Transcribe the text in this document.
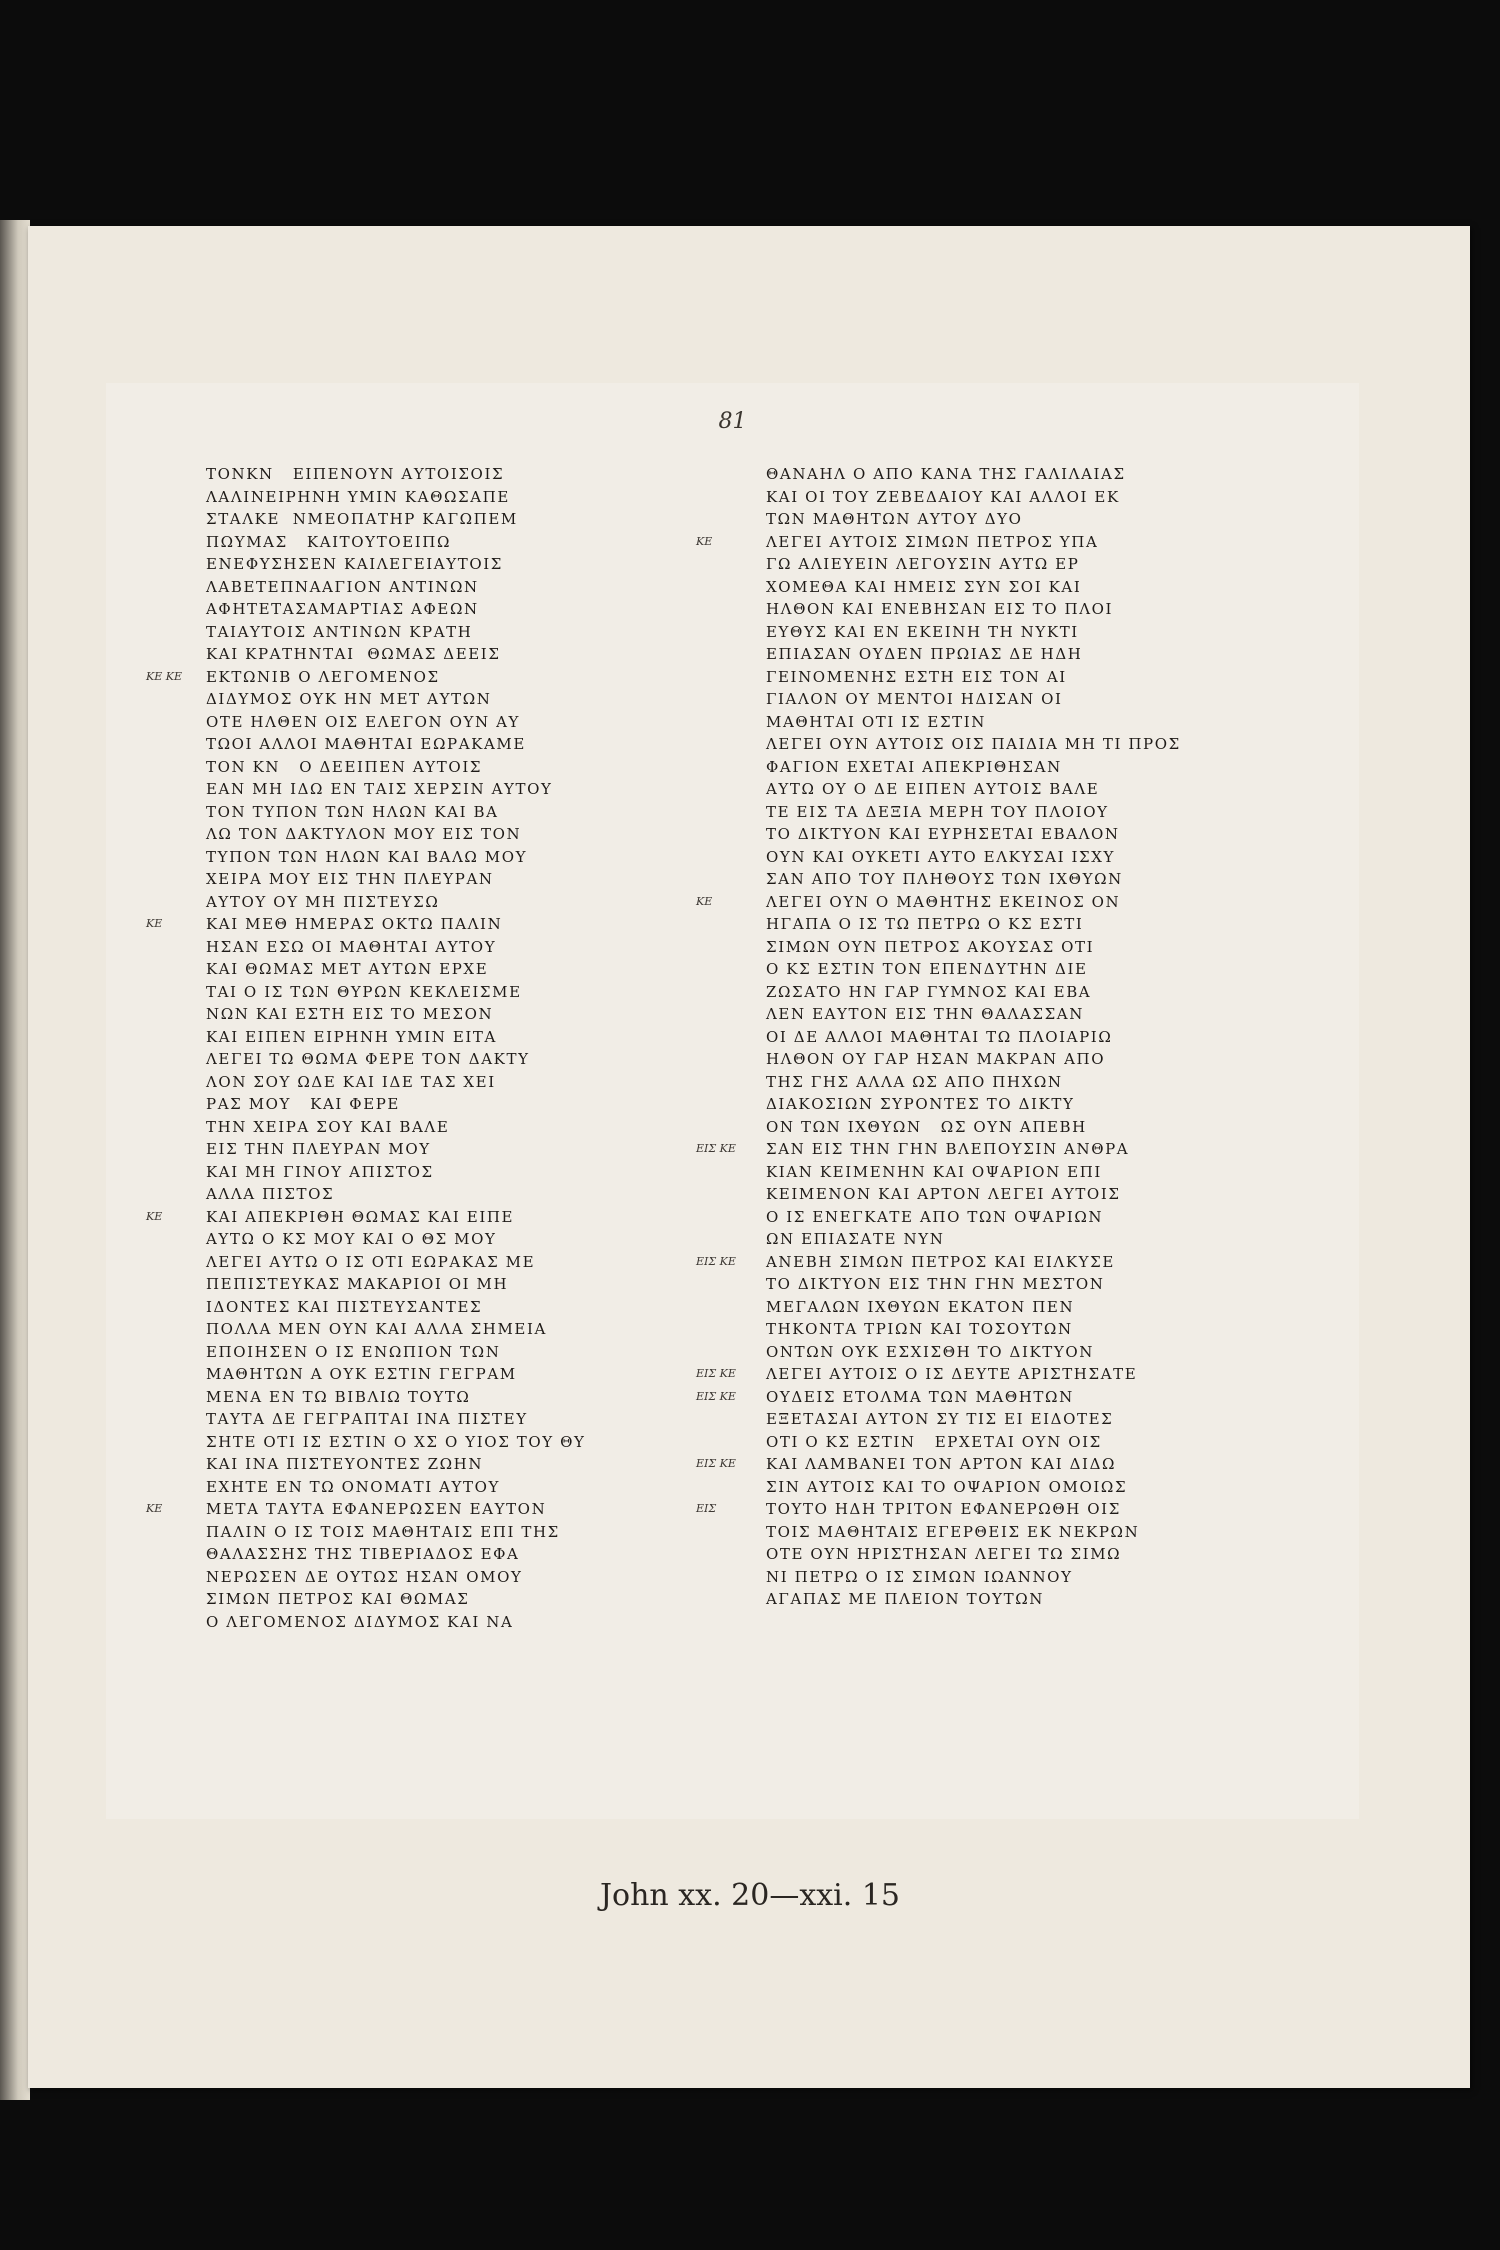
81

ΚΕ ΚΕ

ΚΕ

ΚΕ

ΚΕ
ΤΟΝΚΝ   ΕΙΠΕΝΟΥΝ ΑΥΤΟΙΣΟΙΣ
ΛΑΛΙΝΕΙΡΗΝΗ ΥΜΙΝ ΚΑΘΩΣΑΠΕ
ΣΤΑΛΚΕ  ΝΜΕΟΠΑΤΗΡ ΚΑΓΩΠΕΜ
ΠΩΥΜΑΣ   ΚΑΙΤΟΥΤΟΕΙΠΩ
ΕΝΕΦΥΣΗΣΕΝ ΚΑΙΛΕΓΕΙΑΥΤΟΙΣ
ΛΑΒΕΤΕΠΝΑΑΓΙΟΝ ΑΝΤΙΝΩΝ
ΑΦΗΤΕΤΑΣΑΜΑΡΤΙΑΣ ΑΦΕΩΝ
ΤΑΙΑΥΤΟΙΣ ΑΝΤΙΝΩΝ ΚΡΑΤΗ
ΚΑΙ ΚΡΑΤΗΝΤΑΙ  ΘΩΜΑΣ ΔΕΕΙΣ
ΕΚΤΩΝΙΒ Ο ΛΕΓΟΜΕΝΟΣ
ΔΙΔΥΜΟΣ ΟΥΚ ΗΝ ΜΕΤ ΑΥΤΩΝ
ΟΤΕ ΗΛΘΕΝ ΟΙΣ ΕΛΕΓΟΝ ΟΥΝ ΑΥ
ΤΩΟΙ ΑΛΛΟΙ ΜΑΘΗΤΑΙ ΕΩΡΑΚΑΜΕ
ΤΟΝ ΚΝ   Ο ΔΕΕΙΠΕΝ ΑΥΤΟΙΣ
ΕΑΝ ΜΗ ΙΔΩ ΕΝ ΤΑΙΣ ΧΕΡΣΙΝ ΑΥΤΟΥ
ΤΟΝ ΤΥΠΟΝ ΤΩΝ ΗΛΩΝ ΚΑΙ ΒΑ
ΛΩ ΤΟΝ ΔΑΚΤΥΛΟΝ ΜΟΥ ΕΙΣ ΤΟΝ
ΤΥΠΟΝ ΤΩΝ ΗΛΩΝ ΚΑΙ ΒΑΛΩ ΜΟΥ
ΧΕΙΡΑ ΜΟΥ ΕΙΣ ΤΗΝ ΠΛΕΥΡΑΝ
ΑΥΤΟΥ ΟΥ ΜΗ ΠΙΣΤΕΥΣΩ
ΚΑΙ ΜΕΘ ΗΜΕΡΑΣ ΟΚΤΩ ΠΑΛΙΝ
ΗΣΑΝ ΕΣΩ ΟΙ ΜΑΘΗΤΑΙ ΑΥΤΟΥ
ΚΑΙ ΘΩΜΑΣ ΜΕΤ ΑΥΤΩΝ ΕΡΧΕ
ΤΑΙ Ο ΙΣ ΤΩΝ ΘΥΡΩΝ ΚΕΚΛΕΙΣΜΕ
ΝΩΝ ΚΑΙ ΕΣΤΗ ΕΙΣ ΤΟ ΜΕΣΟΝ
ΚΑΙ ΕΙΠΕΝ ΕΙΡΗΝΗ ΥΜΙΝ ΕΙΤΑ
ΛΕΓΕΙ ΤΩ ΘΩΜΑ ΦΕΡΕ ΤΟΝ ΔΑΚΤΥ
ΛΟΝ ΣΟΥ ΩΔΕ ΚΑΙ ΙΔΕ ΤΑΣ ΧΕΙ
ΡΑΣ ΜΟΥ   ΚΑΙ ΦΕΡΕ
ΤΗΝ ΧΕΙΡΑ ΣΟΥ ΚΑΙ ΒΑΛΕ
ΕΙΣ ΤΗΝ ΠΛΕΥΡΑΝ ΜΟΥ
ΚΑΙ ΜΗ ΓΙΝΟΥ ΑΠΙΣΤΟΣ
ΑΛΛΑ ΠΙΣΤΟΣ
ΚΑΙ ΑΠΕΚΡΙΘΗ ΘΩΜΑΣ ΚΑΙ ΕΙΠΕ
ΑΥΤΩ Ο ΚΣ ΜΟΥ ΚΑΙ Ο ΘΣ ΜΟΥ
ΛΕΓΕΙ ΑΥΤΩ Ο ΙΣ ΟΤΙ ΕΩΡΑΚΑΣ ΜΕ
ΠΕΠΙΣΤΕΥΚΑΣ ΜΑΚΑΡΙΟΙ ΟΙ ΜΗ
ΙΔΟΝΤΕΣ ΚΑΙ ΠΙΣΤΕΥΣΑΝΤΕΣ
ΠΟΛΛΑ ΜΕΝ ΟΥΝ ΚΑΙ ΑΛΛΑ ΣΗΜΕΙΑ
ΕΠΟΙΗΣΕΝ Ο ΙΣ ΕΝΩΠΙΟΝ ΤΩΝ
ΜΑΘΗΤΩΝ Α ΟΥΚ ΕΣΤΙΝ ΓΕΓΡΑΜ
ΜΕΝΑ ΕΝ ΤΩ ΒΙΒΛΙΩ ΤΟΥΤΩ
ΤΑΥΤΑ ΔΕ ΓΕΓΡΑΠΤΑΙ ΙΝΑ ΠΙΣΤΕΥ
ΣΗΤΕ ΟΤΙ ΙΣ ΕΣΤΙΝ Ο ΧΣ Ο ΥΙΟΣ ΤΟΥ ΘΥ
ΚΑΙ ΙΝΑ ΠΙΣΤΕΥΟΝΤΕΣ ΖΩΗΝ
ΕΧΗΤΕ ΕΝ ΤΩ ΟΝΟΜΑΤΙ ΑΥΤΟΥ
ΜΕΤΑ ΤΑΥΤΑ ΕΦΑΝΕΡΩΣΕΝ ΕΑΥΤΟΝ
ΠΑΛΙΝ Ο ΙΣ ΤΟΙΣ ΜΑΘΗΤΑΙΣ ΕΠΙ ΤΗΣ
ΘΑΛΑΣΣΗΣ ΤΗΣ ΤΙΒΕΡΙΑΔΟΣ ΕΦΑ
ΝΕΡΩΣΕΝ ΔΕ ΟΥΤΩΣ ΗΣΑΝ ΟΜΟΥ
ΣΙΜΩΝ ΠΕΤΡΟΣ ΚΑΙ ΘΩΜΑΣ
Ο ΛΕΓΟΜΕΝΟΣ ΔΙΔΥΜΟΣ ΚΑΙ ΝΑ

ΚΕ

ΚΕ

ΕΙΣ ΚΕ

ΕΙΣ ΚΕ

ΕΙΣ ΚΕ
ΕΙΣ ΚΕ

ΕΙΣ ΚΕ

ΕΙΣ
ΘΑΝΑΗΛ Ο ΑΠΟ ΚΑΝΑ ΤΗΣ ΓΑΛΙΛΑΙΑΣ
ΚΑΙ ΟΙ ΤΟΥ ΖΕΒΕΔΑΙΟΥ ΚΑΙ ΑΛΛΟΙ ΕΚ
ΤΩΝ ΜΑΘΗΤΩΝ ΑΥΤΟΥ ΔΥΟ
ΛΕΓΕΙ ΑΥΤΟΙΣ ΣΙΜΩΝ ΠΕΤΡΟΣ ΥΠΑ
ΓΩ ΑΛΙΕΥΕΙΝ ΛΕΓΟΥΣΙΝ ΑΥΤΩ ΕΡ
ΧΟΜΕΘΑ ΚΑΙ ΗΜΕΙΣ ΣΥΝ ΣΟΙ ΚΑΙ
ΗΛΘΟΝ ΚΑΙ ΕΝΕΒΗΣΑΝ ΕΙΣ ΤΟ ΠΛΟΙ
ΕΥΘΥΣ ΚΑΙ ΕΝ ΕΚΕΙΝΗ ΤΗ ΝΥΚΤΙ
ΕΠΙΑΣΑΝ ΟΥΔΕΝ ΠΡΩΙΑΣ ΔΕ ΗΔΗ
ΓΕΙΝΟΜΕΝΗΣ ΕΣΤΗ ΕΙΣ ΤΟΝ ΑΙ
ΓΙΑΛΟΝ ΟΥ ΜΕΝΤΟΙ ΗΔΙΣΑΝ ΟΙ
ΜΑΘΗΤΑΙ ΟΤΙ ΙΣ ΕΣΤΙΝ
ΛΕΓΕΙ ΟΥΝ ΑΥΤΟΙΣ ΟΙΣ ΠΑΙΔΙΑ ΜΗ ΤΙ ΠΡΟΣ
ΦΑΓΙΟΝ ΕΧΕΤΑΙ ΑΠΕΚΡΙΘΗΣΑΝ
ΑΥΤΩ ΟΥ Ο ΔΕ ΕΙΠΕΝ ΑΥΤΟΙΣ ΒΑΛΕ
ΤΕ ΕΙΣ ΤΑ ΔΕΞΙΑ ΜΕΡΗ ΤΟΥ ΠΛΟΙΟΥ
ΤΟ ΔΙΚΤΥΟΝ ΚΑΙ ΕΥΡΗΣΕΤΑΙ ΕΒΑΛΟΝ
ΟΥΝ ΚΑΙ ΟΥΚΕΤΙ ΑΥΤΟ ΕΛΚΥΣΑΙ ΙΣΧΥ
ΣΑΝ ΑΠΟ ΤΟΥ ΠΛΗΘΟΥΣ ΤΩΝ ΙΧΘΥΩΝ
ΛΕΓΕΙ ΟΥΝ Ο ΜΑΘΗΤΗΣ ΕΚΕΙΝΟΣ ΟΝ
ΗΓΑΠΑ Ο ΙΣ ΤΩ ΠΕΤΡΩ Ο ΚΣ ΕΣΤΙ
ΣΙΜΩΝ ΟΥΝ ΠΕΤΡΟΣ ΑΚΟΥΣΑΣ ΟΤΙ
Ο ΚΣ ΕΣΤΙΝ ΤΟΝ ΕΠΕΝΔΥΤΗΝ ΔΙΕ
ΖΩΣΑΤΟ ΗΝ ΓΑΡ ΓΥΜΝΟΣ ΚΑΙ ΕΒΑ
ΛΕΝ ΕΑΥΤΟΝ ΕΙΣ ΤΗΝ ΘΑΛΑΣΣΑΝ
ΟΙ ΔΕ ΑΛΛΟΙ ΜΑΘΗΤΑΙ ΤΩ ΠΛΟΙΑΡΙΩ
ΗΛΘΟΝ ΟΥ ΓΑΡ ΗΣΑΝ ΜΑΚΡΑΝ ΑΠΟ
ΤΗΣ ΓΗΣ ΑΛΛΑ ΩΣ ΑΠΟ ΠΗΧΩΝ
ΔΙΑΚΟΣΙΩΝ ΣΥΡΟΝΤΕΣ ΤΟ ΔΙΚΤΥ
ΟΝ ΤΩΝ ΙΧΘΥΩΝ   ΩΣ ΟΥΝ ΑΠΕΒΗ
ΣΑΝ ΕΙΣ ΤΗΝ ΓΗΝ ΒΛΕΠΟΥΣΙΝ ΑΝΘΡΑ
ΚΙΑΝ ΚΕΙΜΕΝΗΝ ΚΑΙ ΟΨΑΡΙΟΝ ΕΠΙ
ΚΕΙΜΕΝΟΝ ΚΑΙ ΑΡΤΟΝ ΛΕΓΕΙ ΑΥΤΟΙΣ
Ο ΙΣ ΕΝΕΓΚΑΤΕ ΑΠΟ ΤΩΝ ΟΨΑΡΙΩΝ
ΩΝ ΕΠΙΑΣΑΤΕ ΝΥΝ
ΑΝΕΒΗ ΣΙΜΩΝ ΠΕΤΡΟΣ ΚΑΙ ΕΙΛΚΥΣΕ
ΤΟ ΔΙΚΤΥΟΝ ΕΙΣ ΤΗΝ ΓΗΝ ΜΕΣΤΟΝ
ΜΕΓΑΛΩΝ ΙΧΘΥΩΝ ΕΚΑΤΟΝ ΠΕΝ
ΤΗΚΟΝΤΑ ΤΡΙΩΝ ΚΑΙ ΤΟΣΟΥΤΩΝ
ΟΝΤΩΝ ΟΥΚ ΕΣΧΙΣΘΗ ΤΟ ΔΙΚΤΥΟΝ
ΛΕΓΕΙ ΑΥΤΟΙΣ Ο ΙΣ ΔΕΥΤΕ ΑΡΙΣΤΗΣΑΤΕ
ΟΥΔΕΙΣ ΕΤΟΛΜΑ ΤΩΝ ΜΑΘΗΤΩΝ
ΕΞΕΤΑΣΑΙ ΑΥΤΟΝ ΣΥ ΤΙΣ ΕΙ ΕΙΔΟΤΕΣ
ΟΤΙ Ο ΚΣ ΕΣΤΙΝ   ΕΡΧΕΤΑΙ ΟΥΝ ΟΙΣ
ΚΑΙ ΛΑΜΒΑΝΕΙ ΤΟΝ ΑΡΤΟΝ ΚΑΙ ΔΙΔΩ
ΣΙΝ ΑΥΤΟΙΣ ΚΑΙ ΤΟ ΟΨΑΡΙΟΝ ΟΜΟΙΩΣ
ΤΟΥΤΟ ΗΔΗ ΤΡΙΤΟΝ ΕΦΑΝΕΡΩΘΗ ΟΙΣ
ΤΟΙΣ ΜΑΘΗΤΑΙΣ ΕΓΕΡΘΕΙΣ ΕΚ ΝΕΚΡΩΝ
ΟΤΕ ΟΥΝ ΗΡΙΣΤΗΣΑΝ ΛΕΓΕΙ ΤΩ ΣΙΜΩ
ΝΙ ΠΕΤΡΩ Ο ΙΣ ΣΙΜΩΝ ΙΩΑΝΝΟΥ
ΑΓΑΠΑΣ ΜΕ ΠΛΕΙΟΝ ΤΟΥΤΩΝ
John xx. 20—xxi. 15
